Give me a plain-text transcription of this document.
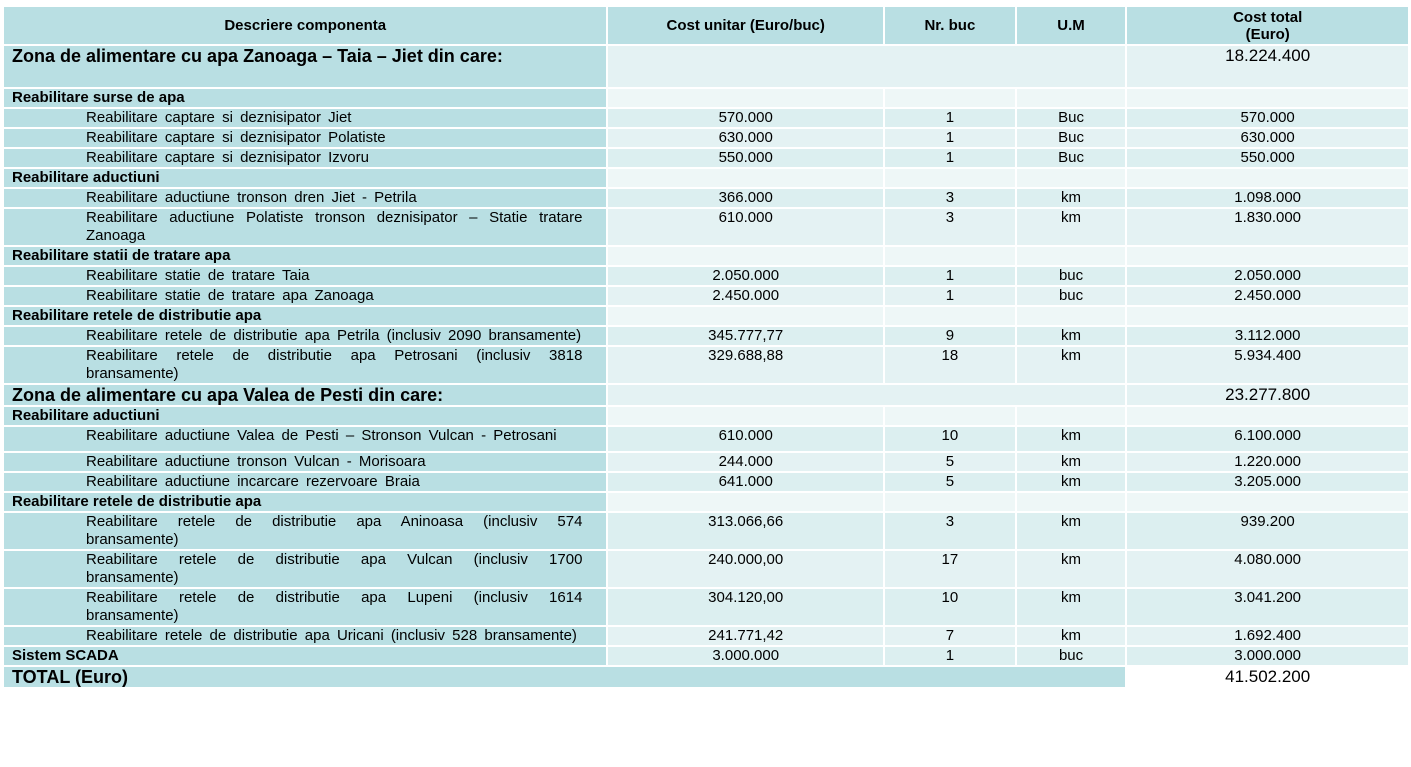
Descriere componenta	Cost unitar (Euro/buc)	Nr. buc	U.M	Cost total
(Euro)
Zona de alimentare cu apa Zanoaga – Taia – Jiet din care:				18.224.400
Reabilitare surse de apa				
Reabilitare captare si deznisipator Jiet	570.000	1	Buc	570.000
Reabilitare captare si deznisipator Polatiste	630.000	1	Buc	630.000
Reabilitare captare si deznisipator Izvoru	550.000	1	Buc	550.000
Reabilitare aductiuni				
Reabilitare aductiune tronson dren Jiet - Petrila	366.000	3	km	1.098.000
Reabilitare aductiune Polatiste tronson deznisipator – Statie tratare Zanoaga	610.000	3	km	1.830.000
Reabilitare statii de tratare apa				
Reabilitare statie de tratare Taia	2.050.000	1	buc	2.050.000
Reabilitare statie de tratare apa Zanoaga	2.450.000	1	buc	2.450.000
Reabilitare retele de distributie apa				
Reabilitare retele de distributie apa Petrila (inclusiv 2090 bransamente)	345.777,77	9	km	3.112.000
Reabilitare retele de distributie apa Petrosani (inclusiv 3818 bransamente)	329.688,88	18	km	5.934.400
Zona de alimentare cu apa Valea de Pesti din care:				23.277.800
Reabilitare aductiuni				
Reabilitare aductiune Valea de Pesti – Stronson Vulcan - Petrosani	610.000	10	km	6.100.000
Reabilitare aductiune tronson Vulcan - Morisoara	244.000	5	km	1.220.000
Reabilitare aductiune incarcare rezervoare Braia	641.000	5	km	3.205.000
Reabilitare retele de distributie apa				
Reabilitare retele de distributie apa Aninoasa (inclusiv 574 bransamente)	313.066,66	3	km	939.200
Reabilitare retele de distributie apa Vulcan (inclusiv 1700 bransamente)	240.000,00	17	km	4.080.000
Reabilitare retele de distributie apa Lupeni (inclusiv 1614 bransamente)	304.120,00	10	km	3.041.200
Reabilitare retele de distributie apa Uricani (inclusiv 528 bransamente)	241.771,42	7	km	1.692.400
Sistem SCADA	3.000.000	1	buc	3.000.000
TOTAL (Euro)				41.502.200
